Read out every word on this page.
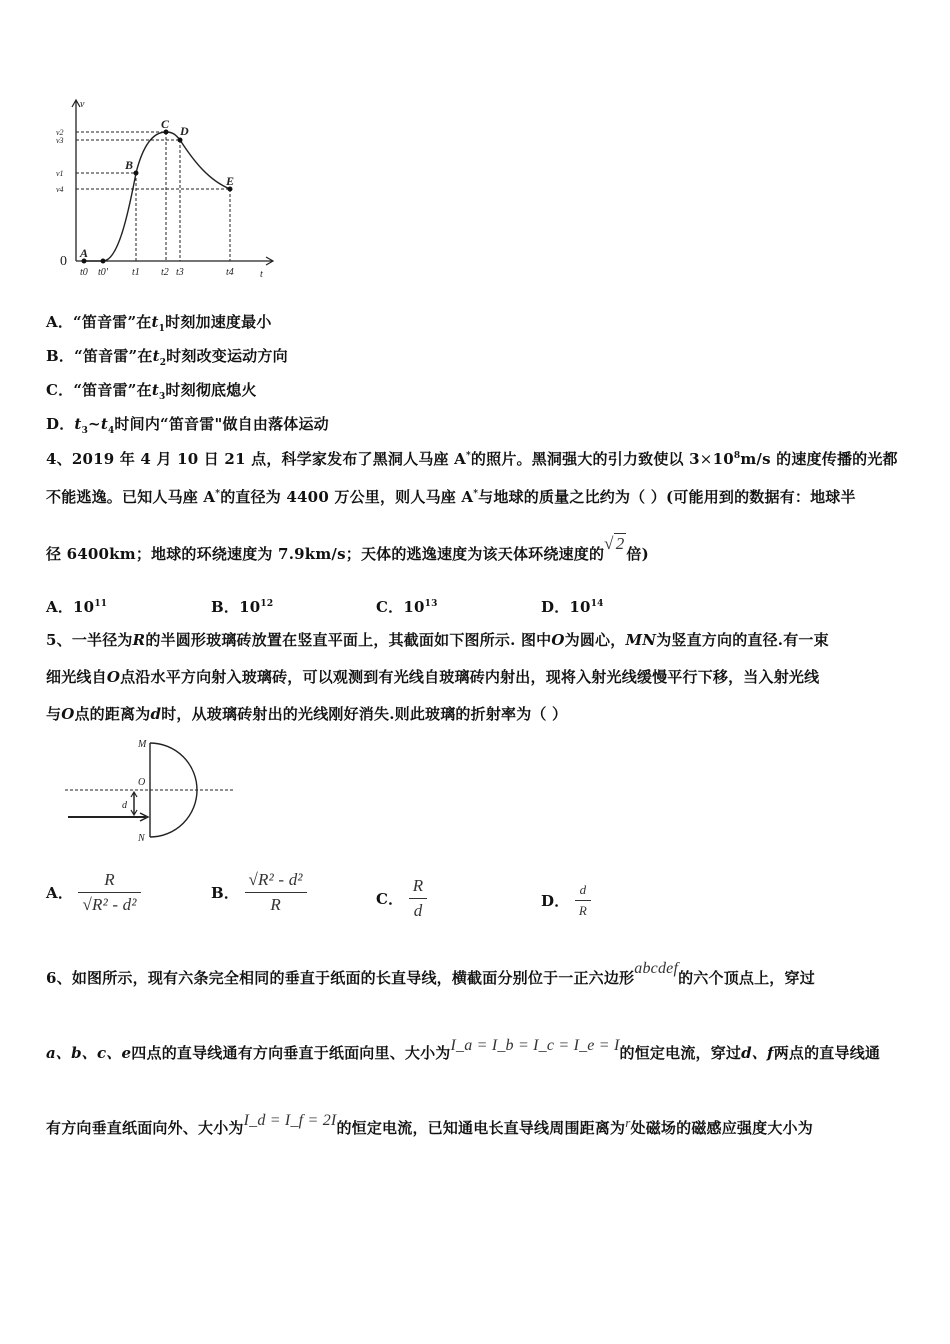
v
t
0
v2
v3
v1
v4
t0 t0' t1 t2 t3	t4
A
B
C D
E
A．“笛音雷”在$t_1$时刻加速度最小
B．“笛音雷”在$t_2$时刻改变运动方向
C．“笛音雷”在$t_3$时刻彻底熄火
D．$t_3\sim t_4$时间内“笛音雷"做自由落体运动
4、2019 年 4 月 10 日 21 点，科学家发布了黑洞人马座 A*的照片。黑洞强大的引力致使以 $3\times 10^8m/s$ 的速度传播的光都
不能逃逸。已知人马座 A*的直径为 4400 万公里，则人马座 A*与地球的质量之比约为（ ）(可能用到的数据有：地球半
径 6400km；地球的环绕速度为 7.9km/s；天体的逃逸速度为该天体环绕速度的√ 2倍)
A．$10^{11}$	B．$10^{12}$	C．$10^{13}$	D．$10^{14}$
5、一半径为R的半圆形玻璃砖放置在竖直平面上，其截面如下图所示. 图中O为圆心，MN为竖直方向的直径.有一束
细光线自O点沿水平方向射入玻璃砖，可以观测到有光线自玻璃砖内射出，现将入射光线缓慢平行下移，当入射光线
与O点的距离为d时，从玻璃砖射出的光线刚好消失.则此玻璃的折射率为（ ）
M
O
d
N
A． $\frac{R}{\text{√R² - d²}}$	B． $\frac{\text{√R² - d²}}{R}$	C． $\frac{R}{d}$	D． $\frac{d}{R}$
6、如图所示，现有六条完全相同的垂直于纸面的长直导线，横截面分别位于一正六边形abcdef的六个顶点上，穿过
a、b、c、e四点的直导线通有方向垂直于纸面向里、大小为I_a = I_b = I_c = I_e = I的恒定电流，穿过d、f两点的直导线通
有方向垂直纸面向外、大小为I_d = I_f = 2I的恒定电流，已知通电长直导线周围距离为r处磁场的磁感应强度大小为
